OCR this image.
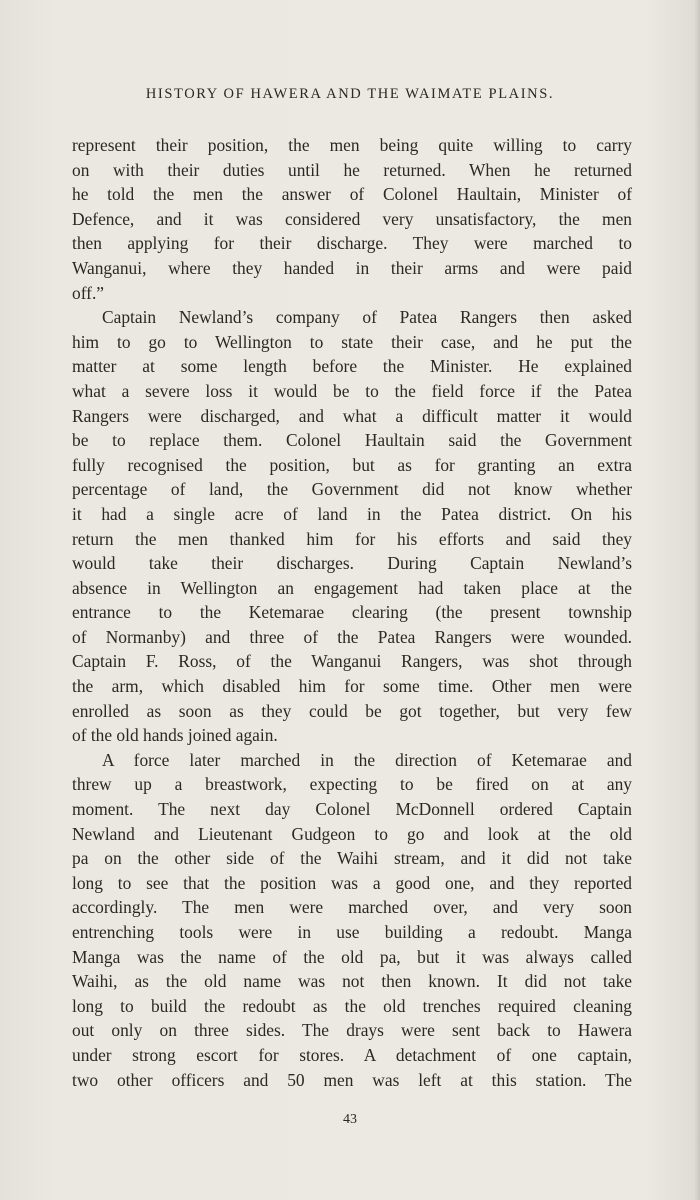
HISTORY OF HAWERA AND THE WAIMATE PLAINS.
represent their position, the men being quite willing to carry
on with their duties until he returned. When he returned
he told the men the answer of Colonel Haultain, Minister of
Defence, and it was considered very unsatisfactory, the men
then applying for their discharge. They were marched to
Wanganui, where they handed in their arms and were paid
off.”
Captain Newland’s company of Patea Rangers then asked
him to go to Wellington to state their case, and he put the
matter at some length before the Minister. He explained
what a severe loss it would be to the field force if the Patea
Rangers were discharged, and what a difficult matter it would
be to replace them. Colonel Haultain said the Government
fully recognised the position, but as for granting an extra
percentage of land, the Government did not know whether
it had a single acre of land in the Patea district. On his
return the men thanked him for his efforts and said they
would take their discharges. During Captain Newland’s
absence in Wellington an engagement had taken place at the
entrance to the Ketemarae clearing (the present township
of Normanby) and three of the Patea Rangers were wounded.
Captain F. Ross, of the Wanganui Rangers, was shot through
the arm, which disabled him for some time. Other men were
enrolled as soon as they could be got together, but very few
of the old hands joined again.
A force later marched in the direction of Ketemarae and
threw up a breastwork, expecting to be fired on at any
moment. The next day Colonel McDonnell ordered Captain
Newland and Lieutenant Gudgeon to go and look at the old
pa on the other side of the Waihi stream, and it did not take
long to see that the position was a good one, and they reported
accordingly. The men were marched over, and very soon
entrenching tools were in use building a redoubt. Manga
Manga was the name of the old pa, but it was always called
Waihi, as the old name was not then known. It did not take
long to build the redoubt as the old trenches required cleaning
out only on three sides. The drays were sent back to Hawera
under strong escort for stores. A detachment of one captain,
two other officers and 50 men was left at this station. The
43
